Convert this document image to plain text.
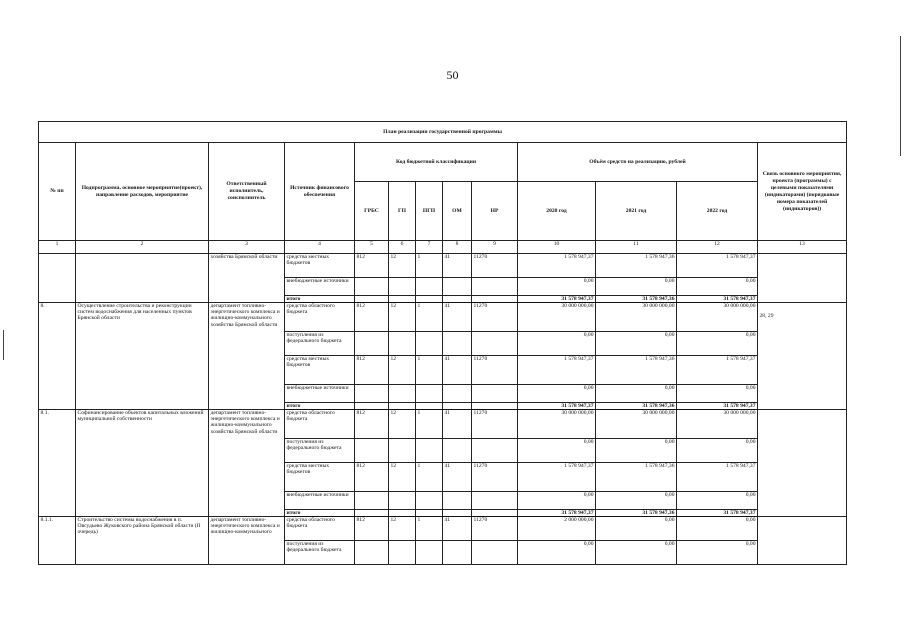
50
План реализации государственной программы												
№ пп	Подпрограмма, основное мероприятие(проект), направление расходов, мероприятие	Ответственный исполнитель, соисполнитель	Источник финансового обеспечения	Код бюджетной классификации					Объём средств на реализацию, рублей			Связь основного мероприятия, проекта (программы) с целевыми показателями (индикаторами) (порядковые номера показателей (индикаторов))
				ГРБС	ГП	ПГП	ОМ	НР	2020 год	2021 год	2022 год	
1	2	3	4	5	6	7	8	9	10	11	12	13
		хозяйства Брянской области	средства местных бюджетов	812	12	1	41	11270	1 578 947,37	1 578 947,36	1 578 947,37	
			внебюджетные источники						0,00	0,00	0,00	
			итого						31 578 947,37	31 578 947,36	31 578 947,37	
8.	Осуществление строительства и реконструкции систем водоснабжения для населенных пунктов Брянской области	департамент топливно-энергетического комплекса и жилищно-коммунального хозяйства Брянской области	средства областного бюджета	812	12	1	41	11270	30 000 000,00	30 000 000,00	30 000 000,00	28, 29
			поступления из федерального бюджета						0,00	0,00	0,00	
			средства местных бюджетов	812	12	1	41	11270	1 578 947,37	1 578 947,36	1 578 947,37	
			внебюджетные источники						0,00	0,00	0,00	
			итого						31 578 947,37	31 578 947,36	31 578 947,37	
8.1.	Софинансирование объектов капитальных вложений муниципальной собственности	департамент топливно-энергетического комплекса и жилищно-коммунального хозяйства Брянской области	средства областного бюджета	812	12	1	41	11270	30 000 000,00	30 000 000,00	30 000 000,00	
			поступления из федерального бюджета						0,00	0,00	0,00	
			средства местных бюджетов	812	12	1	41	11270	1 578 947,37	1 578 947,36	1 578 947,37	
			внебюджетные источники						0,00	0,00	0,00	
			итого						31 578 947,37	31 578 947,36	31 578 947,37	
8.1.1.	Строительство системы водоснабжения в п. Овсудьево Жуковского района Брянской области (II очередь)	департамент топливно-энергетического комплекса и жилищно-коммунального	средства областного бюджета	812	12	1	41	11270	2 000 000,00	0,00	0,00	
			поступления из федерального бюджета						0,00	0,00	0,00	
